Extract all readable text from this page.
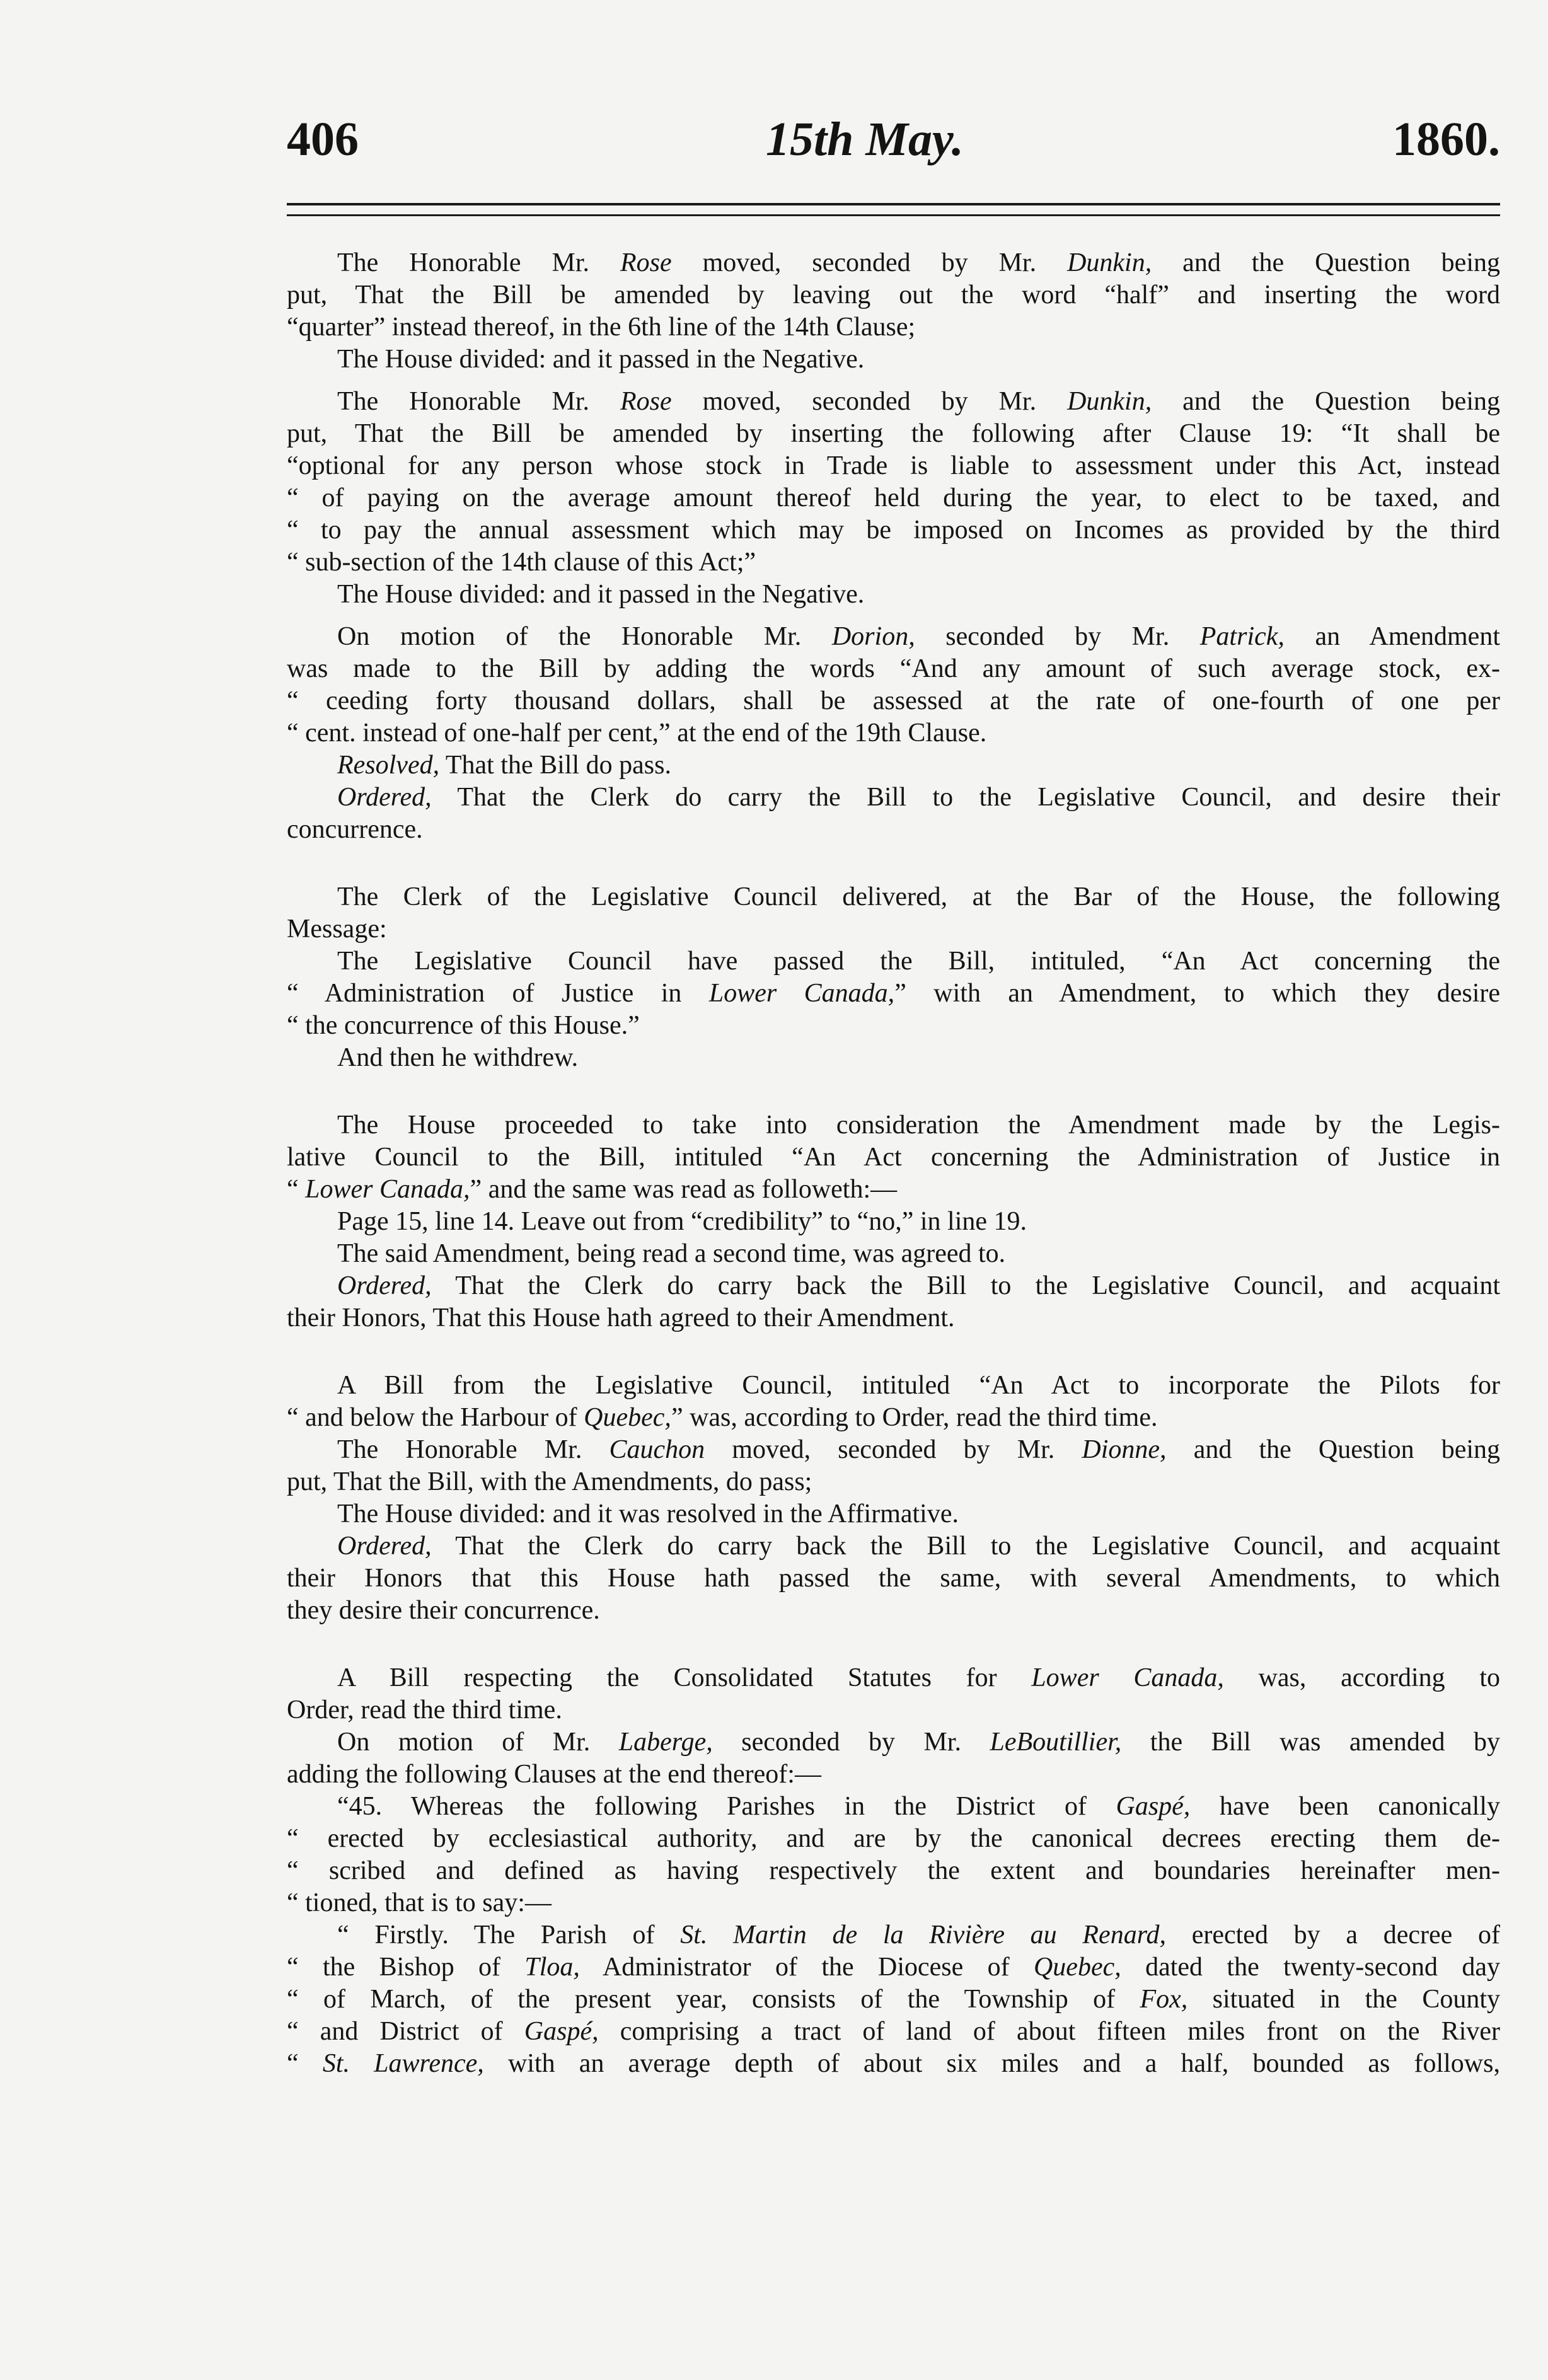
406	15th May.	1860.

The Honorable Mr. Rose moved, seconded by Mr. Dunkin, and the Question being

put, That the Bill be amended by leaving out the word “half” and inserting the word
“quarter” instead thereof, in the 6th line of the 14th Clause;

The House divided: and it passed in the Negative.

The Honorable Mr. Rose moved, seconded by Mr. Dunkin, and the Question being

put, That the Bill be amended by inserting the following after Clause 19: “It shall be
“optional for any person whose stock in Trade is liable to assessment under this Act, instead
“ of paying on the average amount thereof held during the year, to elect to be taxed, and
“ to pay the annual assessment which may be imposed on Incomes as provided by the third
“ sub-section of the 14th clause of this Act;”

The House divided: and it passed in the Negative.

On motion of the Honorable Mr. Dorion, seconded by Mr. Patrick, an Amendment

was made to the Bill by adding the words “And any amount of such average stock, ex-
“ ceeding forty thousand dollars, shall be assessed at the rate of one-fourth of one per
“ cent. instead of one-half per cent,” at the end of the 19th Clause.

Resolved, That the Bill do pass.
Ordered, That the Clerk do carry the Bill to the Legislative Council, and desire their

concurrence.

The Clerk of the Legislative Council delivered, at the Bar of the House, the following

Message:

The Legislative Council have passed the Bill, intituled, “An Act concerning the

“ Administration of Justice in Lower Canada,” with an Amendment, to which they desire
“ the concurrence of this House.”

And then he withdrew.

The House proceeded to take into consideration the Amendment made by the Legis-

lative Council to the Bill, intituled “An Act concerning the Administration of Justice in
“ Lower Canada,” and the same was read as followeth:—

Page 15, line 14. Leave out from “credibility” to “no,” in line 19.
The said Amendment, being read a second time, was agreed to.
Ordered, That the Clerk do carry back the Bill to the Legislative Council, and acquaint

their Honors, That this House hath agreed to their Amendment.

A Bill from the Legislative Council, intituled “An Act to incorporate the Pilots for

“ and below the Harbour of Quebec,” was, according to Order, read the third time.

The Honorable Mr. Cauchon moved, seconded by Mr. Dionne, and the Question being

put, That the Bill, with the Amendments, do pass;

The House divided: and it was resolved in the Affirmative.
Ordered, That the Clerk do carry back the Bill to the Legislative Council, and acquaint

their Honors that this House hath passed the same, with several Amendments, to which
they desire their concurrence.

A Bill respecting the Consolidated Statutes for Lower Canada, was, according to

Order, read the third time.

On motion of Mr. Laberge, seconded by Mr. LeBoutillier, the Bill was amended by

adding the following Clauses at the end thereof:—

“45. Whereas the following Parishes in the District of Gaspé, have been canonically

“ erected by ecclesiastical authority, and are by the canonical decrees erecting them de-
“ scribed and defined as having respectively the extent and boundaries hereinafter men-
“ tioned, that is to say:—

“ Firstly. The Parish of St. Martin de la Rivière au Renard, erected by a decree of

“ the Bishop of Tloa, Administrator of the Diocese of Quebec, dated the twenty-second day
“ of March, of the present year, consists of the Township of Fox, situated in the County
“ and District of Gaspé, comprising a tract of land of about fifteen miles front on the River
“ St. Lawrence, with an average depth of about six miles and a half, bounded as follows,
